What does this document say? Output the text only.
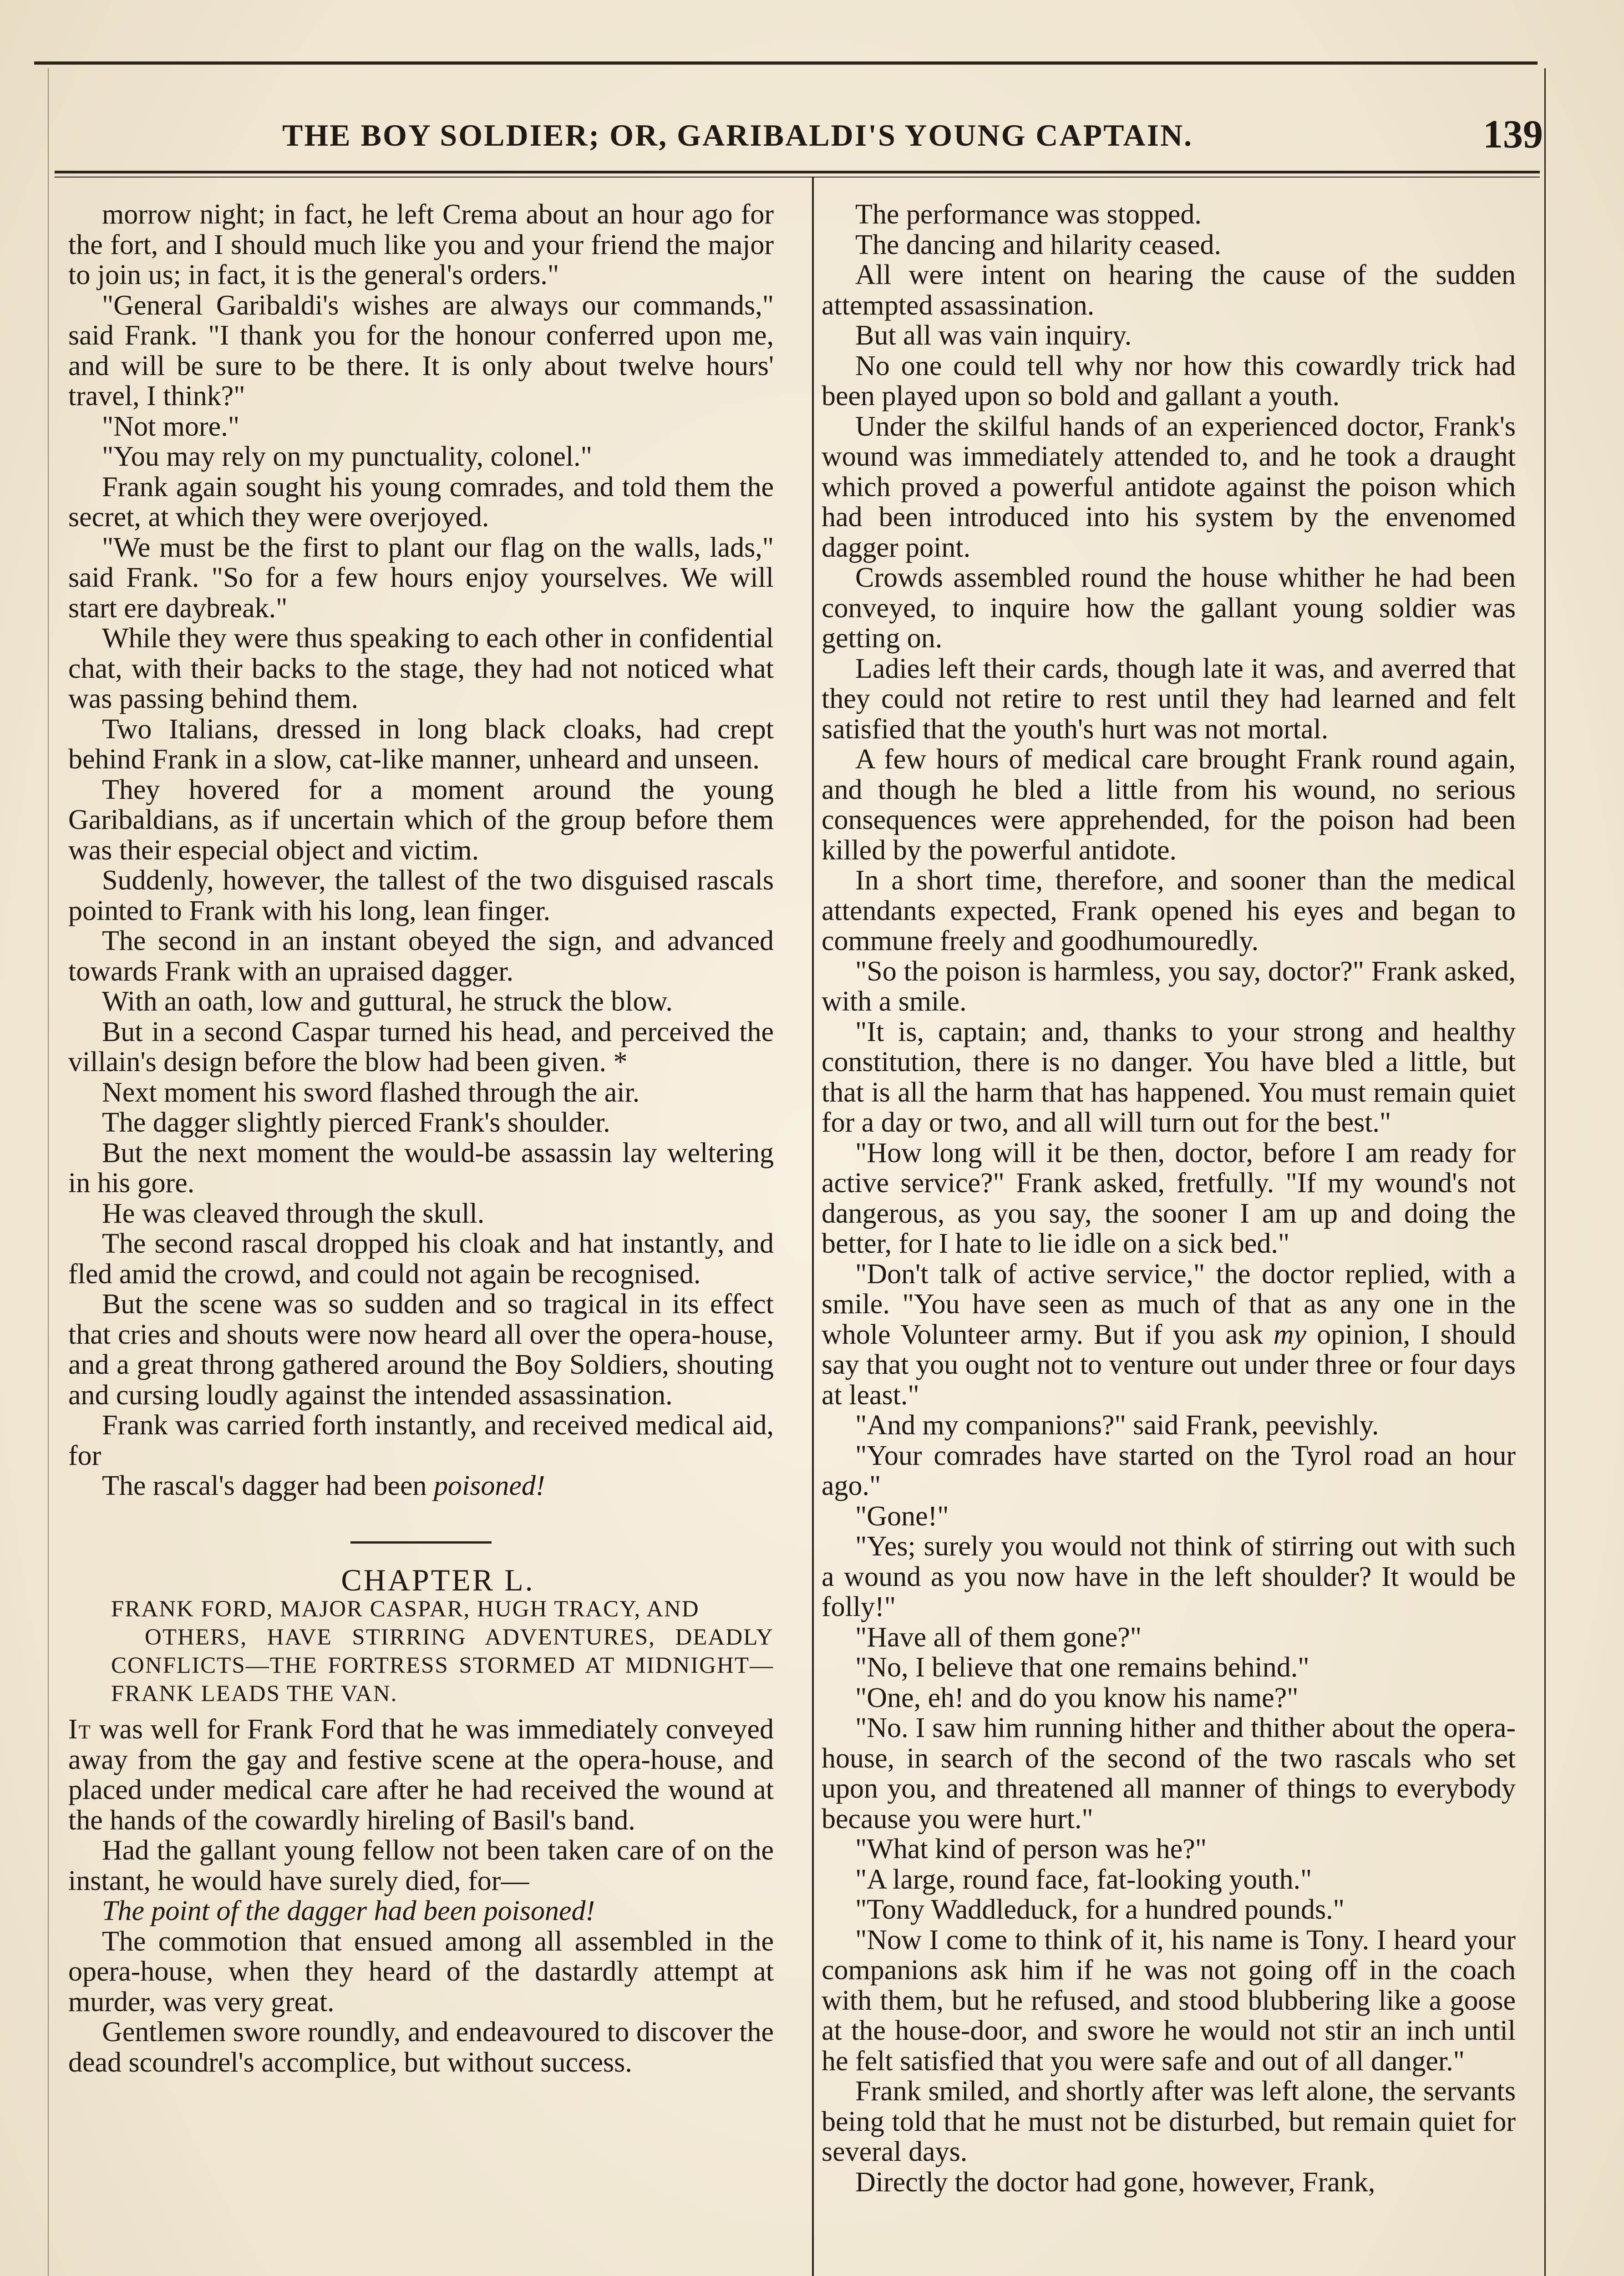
THE BOY SOLDIER; OR, GARIBALDI'S YOUNG CAPTAIN.	139

morrow night; in fact, he left Crema about an hour ago for the fort, and I should much like you and your friend the major to join us; in fact, it is the general's orders."

"General Garibaldi's wishes are always our commands," said Frank. "I thank you for the honour conferred upon me, and will be sure to be there. It is only about twelve hours' travel, I think?"

"Not more."

"You may rely on my punctuality, colonel."

Frank again sought his young comrades, and told them the secret, at which they were overjoyed.

"We must be the first to plant our flag on the walls, lads," said Frank. "So for a few hours enjoy yourselves. We will start ere daybreak."

While they were thus speaking to each other in confidential chat, with their backs to the stage, they had not noticed what was passing behind them.

Two Italians, dressed in long black cloaks, had crept behind Frank in a slow, cat-like manner, unheard and unseen.

They hovered for a moment around the young Garibaldians, as if uncertain which of the group before them was their especial object and victim.

Suddenly, however, the tallest of the two disguised rascals pointed to Frank with his long, lean finger.

The second in an instant obeyed the sign, and advanced towards Frank with an upraised dagger.

With an oath, low and guttural, he struck the blow.

But in a second Caspar turned his head, and perceived the villain's design before the blow had been given. *

Next moment his sword flashed through the air.

The dagger slightly pierced Frank's shoulder.

But the next moment the would-be assassin lay weltering in his gore.

He was cleaved through the skull.

The second rascal dropped his cloak and hat instantly, and fled amid the crowd, and could not again be recognised.

But the scene was so sudden and so tragical in its effect that cries and shouts were now heard all over the opera-house, and a great throng gathered around the Boy Soldiers, shouting and cursing loudly against the intended assassination.

Frank was carried forth instantly, and received medical aid, for

The rascal's dagger had been poisoned!

CHAPTER L.

FRANK FORD, MAJOR CASPAR, HUGH TRACY, AND
OTHERS, HAVE STIRRING ADVENTURES, DEADLY CONFLICTS—THE FORTRESS STORMED AT MIDNIGHT—FRANK LEADS THE VAN.

It was well for Frank Ford that he was immediately conveyed away from the gay and festive scene at the opera-house, and placed under medical care after he had received the wound at the hands of the cowardly hireling of Basil's band.

Had the gallant young fellow not been taken care of on the instant, he would have surely died, for—

The point of the dagger had been poisoned!

The commotion that ensued among all assembled in the opera-house, when they heard of the dastardly attempt at murder, was very great.

Gentlemen swore roundly, and endeavoured to discover the dead scoundrel's accomplice, but without success.

The performance was stopped.

The dancing and hilarity ceased.

All were intent on hearing the cause of the sudden attempted assassination.

But all was vain inquiry.

No one could tell why nor how this cowardly trick had been played upon so bold and gallant a youth.

Under the skilful hands of an experienced doctor, Frank's wound was immediately attended to, and he took a draught which proved a powerful antidote against the poison which had been introduced into his system by the envenomed dagger point.

Crowds assembled round the house whither he had been conveyed, to inquire how the gallant young soldier was getting on.

Ladies left their cards, though late it was, and averred that they could not retire to rest until they had learned and felt satisfied that the youth's hurt was not mortal.

A few hours of medical care brought Frank round again, and though he bled a little from his wound, no serious consequences were apprehended, for the poison had been killed by the powerful antidote.

In a short time, therefore, and sooner than the medical attendants expected, Frank opened his eyes and began to commune freely and goodhumouredly.

"So the poison is harmless, you say, doctor?" Frank asked, with a smile.

"It is, captain; and, thanks to your strong and healthy constitution, there is no danger. You have bled a little, but that is all the harm that has happened. You must remain quiet for a day or two, and all will turn out for the best."

"How long will it be then, doctor, before I am ready for active service?" Frank asked, fretfully. "If my wound's not dangerous, as you say, the sooner I am up and doing the better, for I hate to lie idle on a sick bed."

"Don't talk of active service," the doctor replied, with a smile. "You have seen as much of that as any one in the whole Volunteer army. But if you ask my opinion, I should say that you ought not to venture out under three or four days at least."

"And my companions?" said Frank, peevishly.

"Your comrades have started on the Tyrol road an hour ago."

"Gone!"

"Yes; surely you would not think of stirring out with such a wound as you now have in the left shoulder? It would be folly!"

"Have all of them gone?"

"No, I believe that one remains behind."

"One, eh! and do you know his name?"

"No. I saw him running hither and thither about the opera-house, in search of the second of the two rascals who set upon you, and threatened all manner of things to everybody because you were hurt."

"What kind of person was he?"

"A large, round face, fat-looking youth."

"Tony Waddleduck, for a hundred pounds."

"Now I come to think of it, his name is Tony. I heard your companions ask him if he was not going off in the coach with them, but he refused, and stood blubbering like a goose at the house-door, and swore he would not stir an inch until he felt satisfied that you were safe and out of all danger."

Frank smiled, and shortly after was left alone, the servants being told that he must not be disturbed, but remain quiet for several days.

Directly the doctor had gone, however, Frank,
